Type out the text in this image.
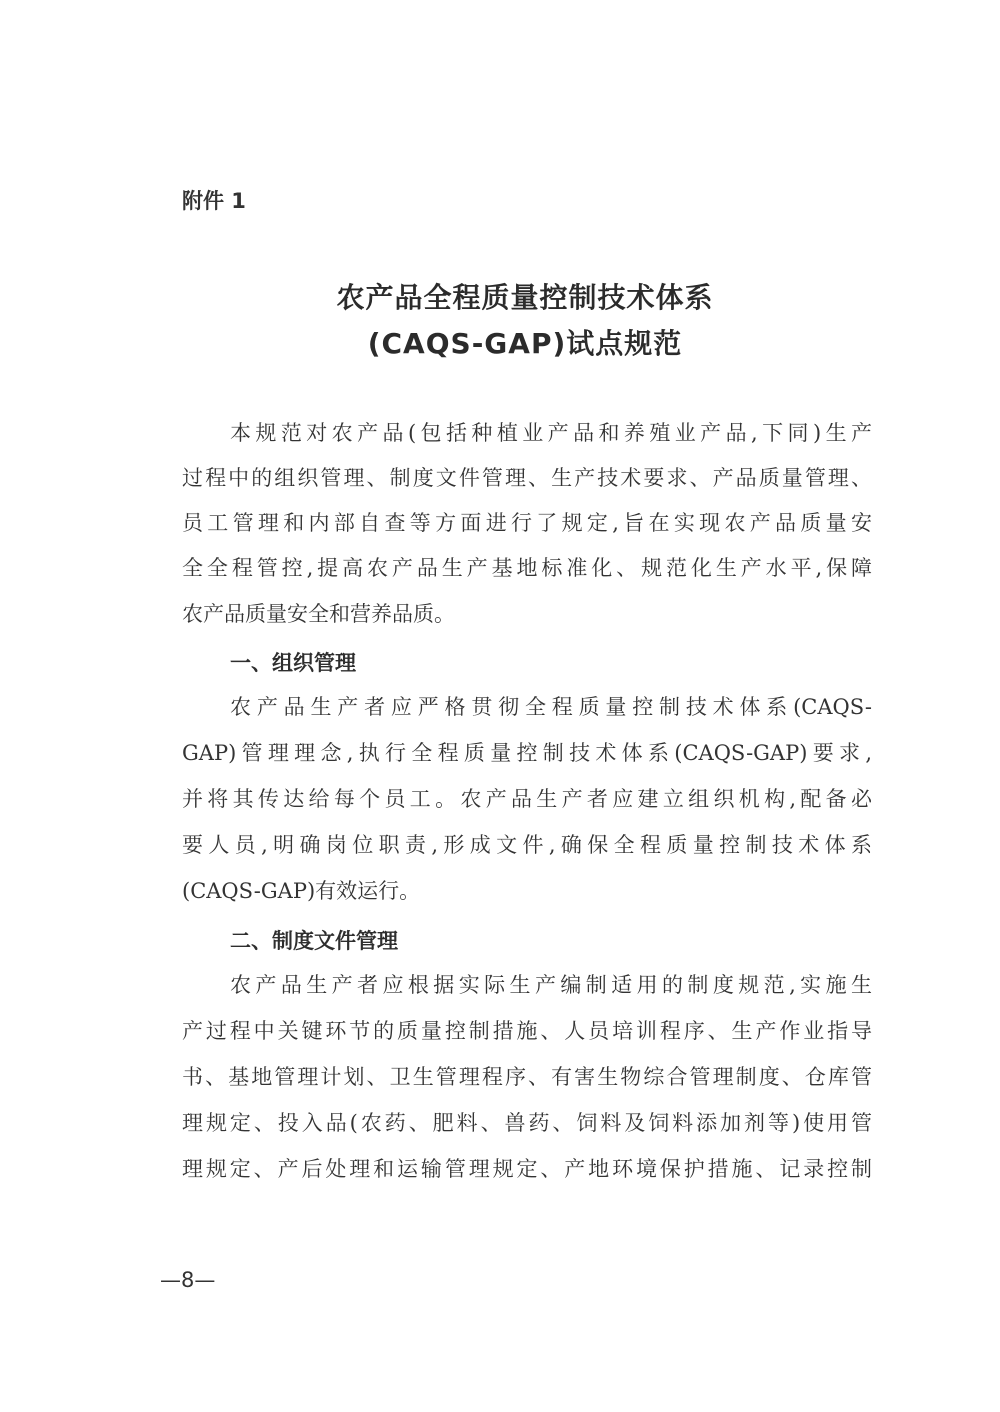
附件 1
农产品全程质量控制技术体系
(CAQS-GAP)试点规范
本规范对农产品(包括种植业产品和养殖业产品,下同)生产
过程中的组织管理、制度文件管理、生产技术要求、产品质量管理、
员工管理和内部自查等方面进行了规定,旨在实现农产品质量安
全全程管控,提高农产品生产基地标准化、规范化生产水平,保障
农产品质量安全和营养品质。
一、组织管理
农产品生产者应严格贯彻全程质量控制技术体系(CAQS-
GAP)管理理念,执行全程质量控制技术体系(CAQS-GAP)要求,
并将其传达给每个员工。农产品生产者应建立组织机构,配备必
要人员,明确岗位职责,形成文件,确保全程质量控制技术体系
(CAQS-GAP)有效运行。
二、制度文件管理
农产品生产者应根据实际生产编制适用的制度规范,实施生
产过程中关键环节的质量控制措施、人员培训程序、生产作业指导
书、基地管理计划、卫生管理程序、有害生物综合管理制度、仓库管
理规定、投入品(农药、肥料、兽药、饲料及饲料添加剂等)使用管
理规定、产后处理和运输管理规定、产地环境保护措施、记录控制
—8—
